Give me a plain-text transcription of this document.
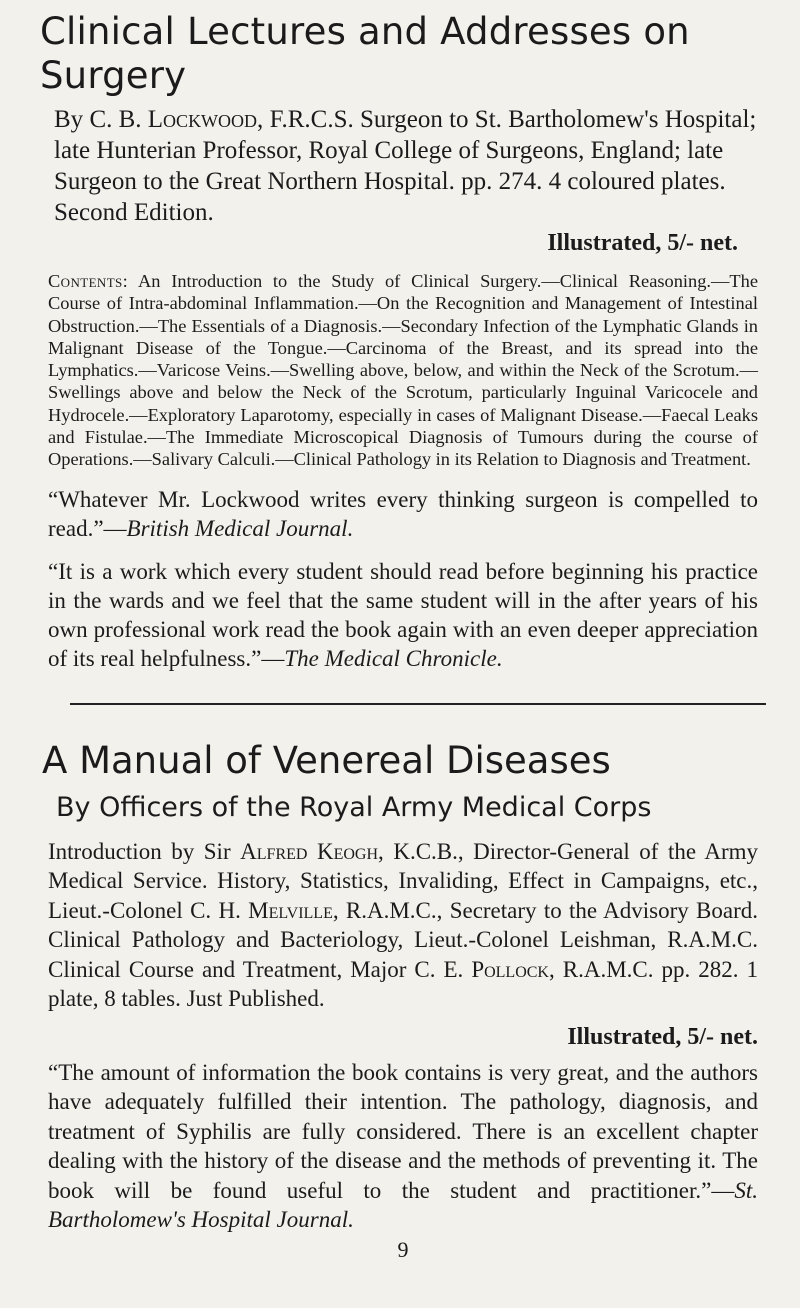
Clinical Lectures and Addresses on Surgery
By C. B. Lockwood, F.R.C.S. Surgeon to St. Bartholomew's Hospital; late Hunterian Professor, Royal College of Surgeons, England; late Surgeon to the Great Northern Hospital. pp. 274. 4 coloured plates. Second Edition.
Illustrated, 5/- net.
Contents: An Introduction to the Study of Clinical Surgery.—Clinical Reasoning.—The Course of Intra-abdominal Inflammation.—On the Recognition and Management of Intestinal Obstruction.—The Essentials of a Diagnosis.—Secondary Infection of the Lymphatic Glands in Malignant Disease of the Tongue.—Carcinoma of the Breast, and its spread into the Lymphatics.—Varicose Veins.—Swelling above, below, and within the Neck of the Scrotum.—Swellings above and below the Neck of the Scrotum, particularly Inguinal Varicocele and Hydrocele.—Exploratory Laparotomy, especially in cases of Malignant Disease.—Faecal Leaks and Fistulae.—The Immediate Microscopical Diagnosis of Tumours during the course of Operations.—Salivary Calculi.—Clinical Pathology in its Relation to Diagnosis and Treatment.
“Whatever Mr. Lockwood writes every thinking surgeon is compelled to read.”—British Medical Journal.
“It is a work which every student should read before beginning his practice in the wards and we feel that the same student will in the after years of his own professional work read the book again with an even deeper appreciation of its real helpfulness.”—The Medical Chronicle.
A Manual of Venereal Diseases
By Officers of the Royal Army Medical Corps
Introduction by Sir Alfred Keogh, K.C.B., Director-General of the Army Medical Service. History, Statistics, Invaliding, Effect in Campaigns, etc., Lieut.-Colonel C. H. Melville, R.A.M.C., Secretary to the Advisory Board. Clinical Pathology and Bacteriology, Lieut.-Colonel Leishman, R.A.M.C. Clinical Course and Treatment, Major C. E. Pollock, R.A.M.C. pp. 282. 1 plate, 8 tables. Just Published.
Illustrated, 5/- net.
“The amount of information the book contains is very great, and the authors have adequately fulfilled their intention. The pathology, diagnosis, and treatment of Syphilis are fully considered. There is an excellent chapter dealing with the history of the disease and the methods of preventing it. The book will be found useful to the student and practitioner.”—St. Bartholomew's Hospital Journal.
9
